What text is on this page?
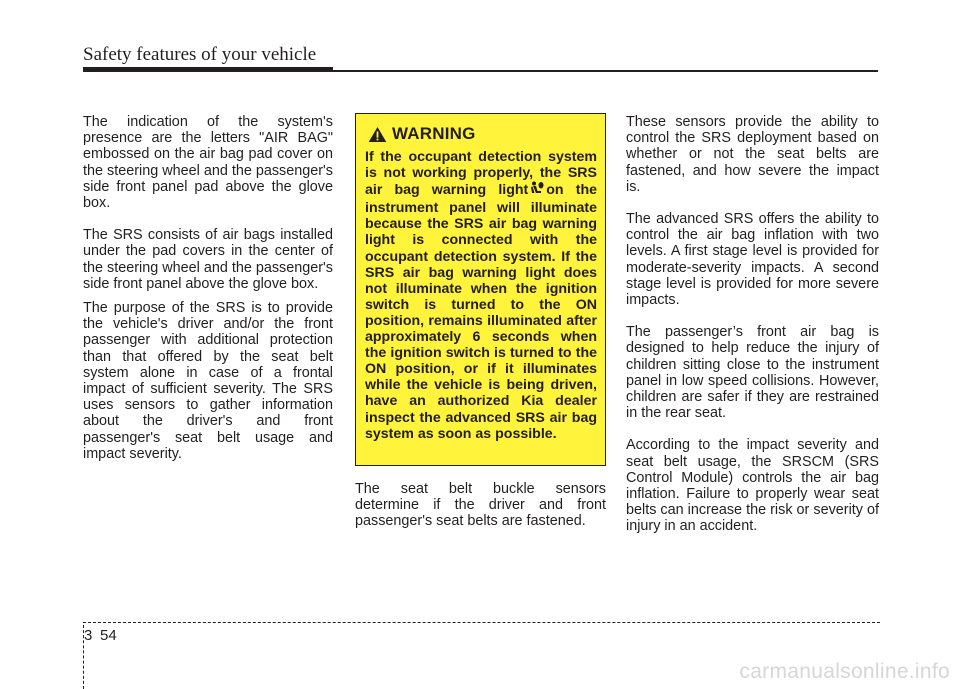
Safety features of your vehicle

The indication of the system's presence are the letters "AIR BAG" embossed on the air bag pad cover on the steering wheel and the passenger's side front panel pad above the glove box.

The SRS consists of air bags installed under the pad covers in the center of the steering wheel and the passenger's side front panel above the glove box.

The purpose of the SRS is to provide the vehicle's driver and/or the front passenger with additional protection than that offered by the seat belt system alone in case of a frontal impact of sufficient severity. The SRS uses sensors to gather information about the driver's and front passenger's seat belt usage and impact severity.

WARNING
If the occupant detection system is not working properly, the SRS air bag warning light on the instrument panel will illuminate because the SRS air bag warning light is connected with the occupant detection system. If the SRS air bag warning light does not illuminate when the ignition switch is turned to the ON position, remains illuminated after approximately 6 seconds when the ignition switch is turned to the ON position, or if it illuminates while the vehicle is being driven, have an authorized Kia dealer inspect the advanced SRS air bag system as soon as possible.

The seat belt buckle sensors determine if the driver and front passenger's seat belts are fastened.

These sensors provide the ability to control the SRS deployment based on whether or not the seat belts are fastened, and how severe the impact is.

The advanced SRS offers the ability to control the air bag inflation with two levels. A first stage level is provided for moderate-severity impacts. A second stage level is provided for more severe impacts.

The passenger’s front air bag is designed to help reduce the injury of children sitting close to the instrument panel in low speed collisions. However, children are safer if they are restrained in the rear seat.

According to the impact severity and seat belt usage, the SRSCM (SRS Control Module) controls the air bag inflation. Failure to properly wear seat belts can increase the risk or severity of injury in an accident.

3 54
carmanualsonline.info
